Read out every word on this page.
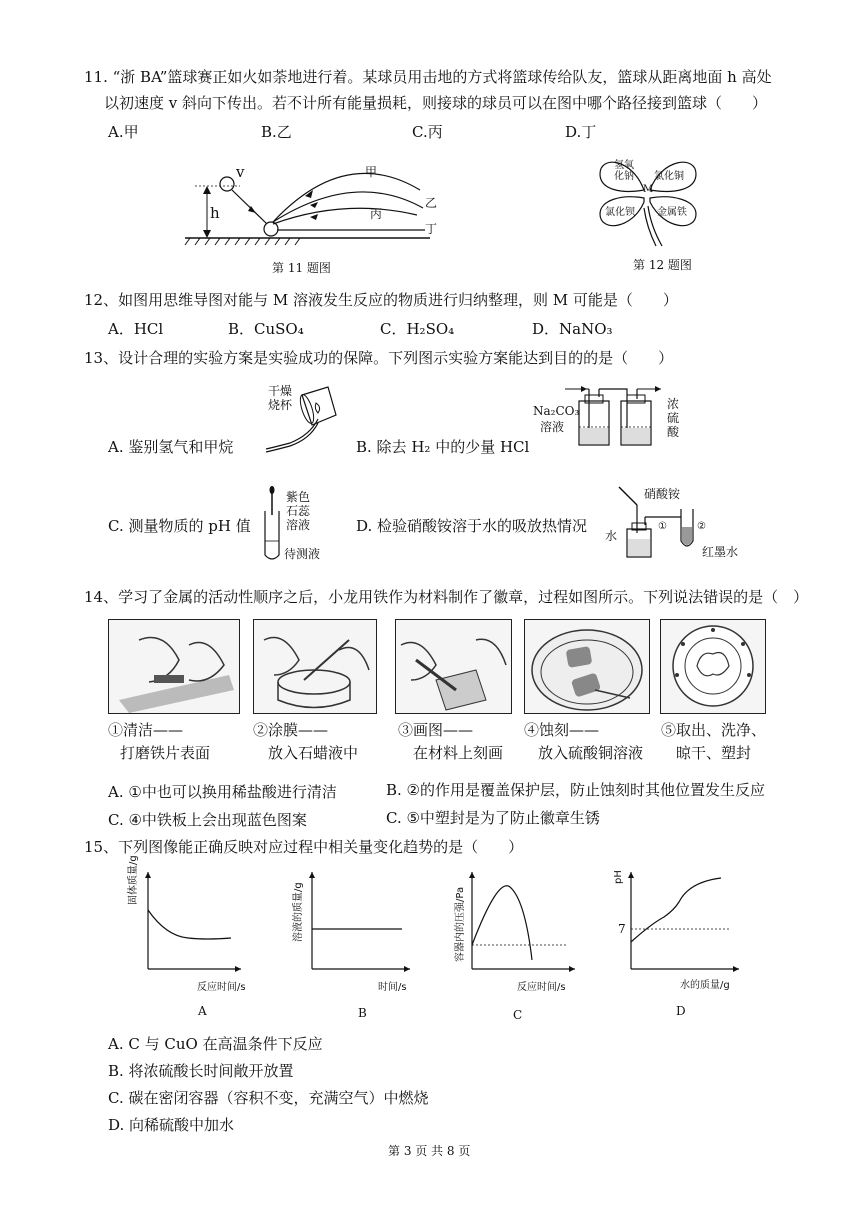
11. “浙 BA”篮球赛正如火如荼地进行着。某球员用击地的方式将篮球传给队友，篮球从距离地面 h 高处
以初速度 v 斜向下传出。若不计所有能量损耗，则接球的球员可以在图中哪个路径接到篮球（　　）
A.甲	B.乙	C.丙	D.丁
v
h
甲
乙
丙
丁
第 11 题图
氢氧
化钠 氯化铜
M
氯化钡 金属铁
第 12 题图
12、如图用思维导图对能与 M 溶液发生反应的物质进行归纳整理，则 M 可能是（　　）
A．HCl	B．CuSO₄	C．H₂SO₄	D．NaNO₃
13、设计合理的实验方案是实验成功的保障。下列图示实验方案能达到目的的是（　　）
A. 鉴别氢气和甲烷
干燥
烧杯
B. 除去 H₂ 中的少量 HCl
Na₂CO₃
溶液
浓
硫
酸
C. 测量物质的 pH 值
紫色
石蕊
溶液
待测液
D. 检验硝酸铵溶于水的吸放热情况
硝酸铵
水
①	②
红墨水
14、学习了金属的活动性顺序之后，小龙用铁作为材料制作了徽章，过程如图所示。下列说法错误的是（　）
①清洁——
打磨铁片表面
②涂膜——
放入石蜡液中
③画图——
在材料上刻画
④蚀刻——
放入硫酸铜溶液
⑤取出、洗净、
晾干、塑封
A. ①中也可以换用稀盐酸进行清洁	B. ②的作用是覆盖保护层，防止蚀刻时其他位置发生反应
C. ④中铁板上会出现蓝色图案	C. ⑤中塑封是为了防止徽章生锈
15、下列图像能正确反映对应过程中相关量变化趋势的是（　　）
固体质量/g
反应时间/s
A
溶液的质量/g
时间/s
B
容器内的压强/Pa
反应时间/s
C
pH
7
水的质量/g
D
A. C 与 CuO 在高温条件下反应
B. 将浓硫酸长时间敞开放置
C. 碳在密闭容器（容积不变，充满空气）中燃烧
D. 向稀硫酸中加水
第 3 页 共 8 页
